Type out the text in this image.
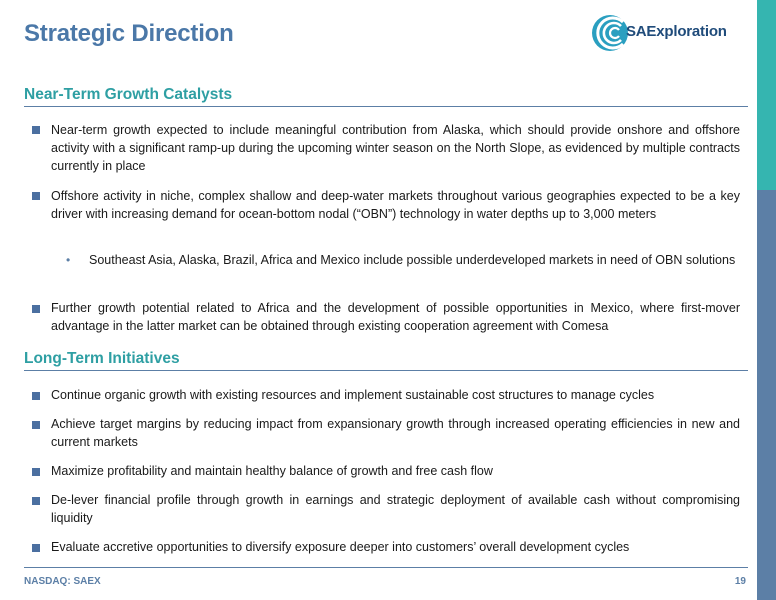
Strategic Direction	SAExploration
Near-Term Growth Catalysts

Near-term growth expected to include meaningful contribution from Alaska, which should provide onshore and offshore activity with a significant ramp-up during the upcoming winter season on the North Slope, as evidenced by multiple contracts currently in place

Offshore activity in niche, complex shallow and deep-water markets throughout various geographies expected to be a key driver with increasing demand for ocean-bottom nodal (“OBN”) technology in water depths up to 3,000 meters

• Southeast Asia, Alaska, Brazil, Africa and Mexico include possible underdeveloped markets in need of OBN solutions

Further growth potential related to Africa and the development of possible opportunities in Mexico, where first-mover advantage in the latter market can be obtained through existing cooperation agreement with Comesa

Long-Term Initiatives

Continue organic growth with existing resources and implement sustainable cost structures to manage cycles

Achieve target margins by reducing impact from expansionary growth through increased operating efficiencies in new and current markets

Maximize profitability and maintain healthy balance of growth and free cash flow

De-lever financial profile through growth in earnings and strategic deployment of available cash without compromising liquidity

Evaluate accretive opportunities to diversify exposure deeper into customers’ overall development cycles

NASDAQ: SAEX	19
